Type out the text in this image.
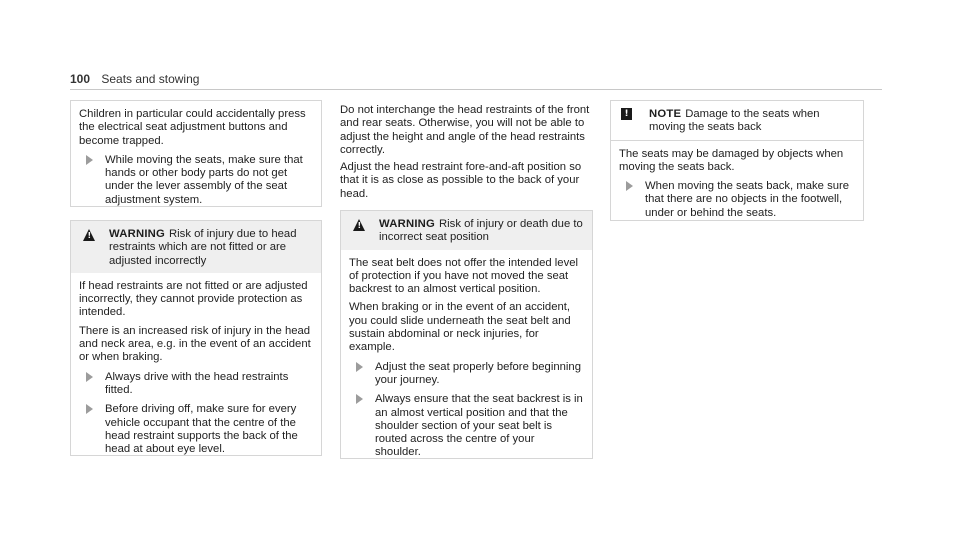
100 Seats and stowing

Children in particular could accidentally press the electrical seat adjustment buttons and become trapped.

While moving the seats, make sure that hands or other body parts do not get under the lever assembly of the seat adjustment system.
!
WARNING Risk of injury due to head restraints which are not fitted or are adjusted incorrectly

If head restraints are not fitted or are adjusted incorrectly, they cannot provide protection as intended.

There is an increased risk of injury in the head and neck area, e.g. in the event of an accident or when braking.

Always drive with the head restraints fitted.
Before driving off, make sure for every vehicle occupant that the centre of the head restraint supports the back of the head at about eye level.

Do not interchange the head restraints of the front and rear seats. Otherwise, you will not be able to adjust the height and angle of the head restraints correctly.

Adjust the head restraint fore-and-aft position so that it is as close as possible to the back of your head.

!
WARNING Risk of injury or death due to incorrect seat position

The seat belt does not offer the intended level of protection if you have not moved the seat backrest to an almost vertical position.

When braking or in the event of an accident, you could slide underneath the seat belt and sustain abdominal or neck injuries, for example.

Adjust the seat properly before beginning your journey.
Always ensure that the seat backrest is in an almost vertical position and that the shoulder section of your seat belt is routed across the centre of your shoulder.
!	NOTE Damage to the seats when moving the seats back

The seats may be damaged by objects when moving the seats back.

When moving the seats back, make sure that there are no objects in the footwell, under or behind the seats.
